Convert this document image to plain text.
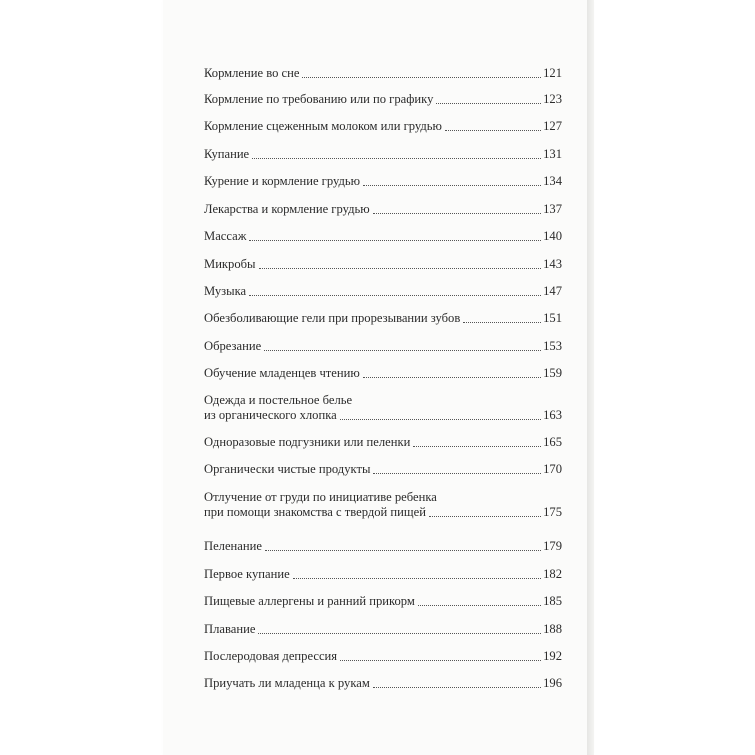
Кормление во сне	121
Кормление по требованию или по графику	123
Кормление сцеженным молоком или грудью	127
Купание	131
Курение и кормление грудью	134
Лекарства и кормление грудью	137
Массаж	140
Микробы	143
Музыка	147
Обезболивающие гели при прорезывании зубов	151
Обрезание	153
Обучение младенцев чтению	159
Одежда и постельное белье
из органического хлопка	163
Одноразовые подгузники или пеленки	165
Органически чистые продукты	170
Отлучение от груди по инициативе ребенка
при помощи знакомства с твердой пищей	175
Пеленание	179
Первое купание	182
Пищевые аллергены и ранний прикорм	185
Плавание	188
Послеродовая депрессия	192
Приучать ли младенца к рукам	196
